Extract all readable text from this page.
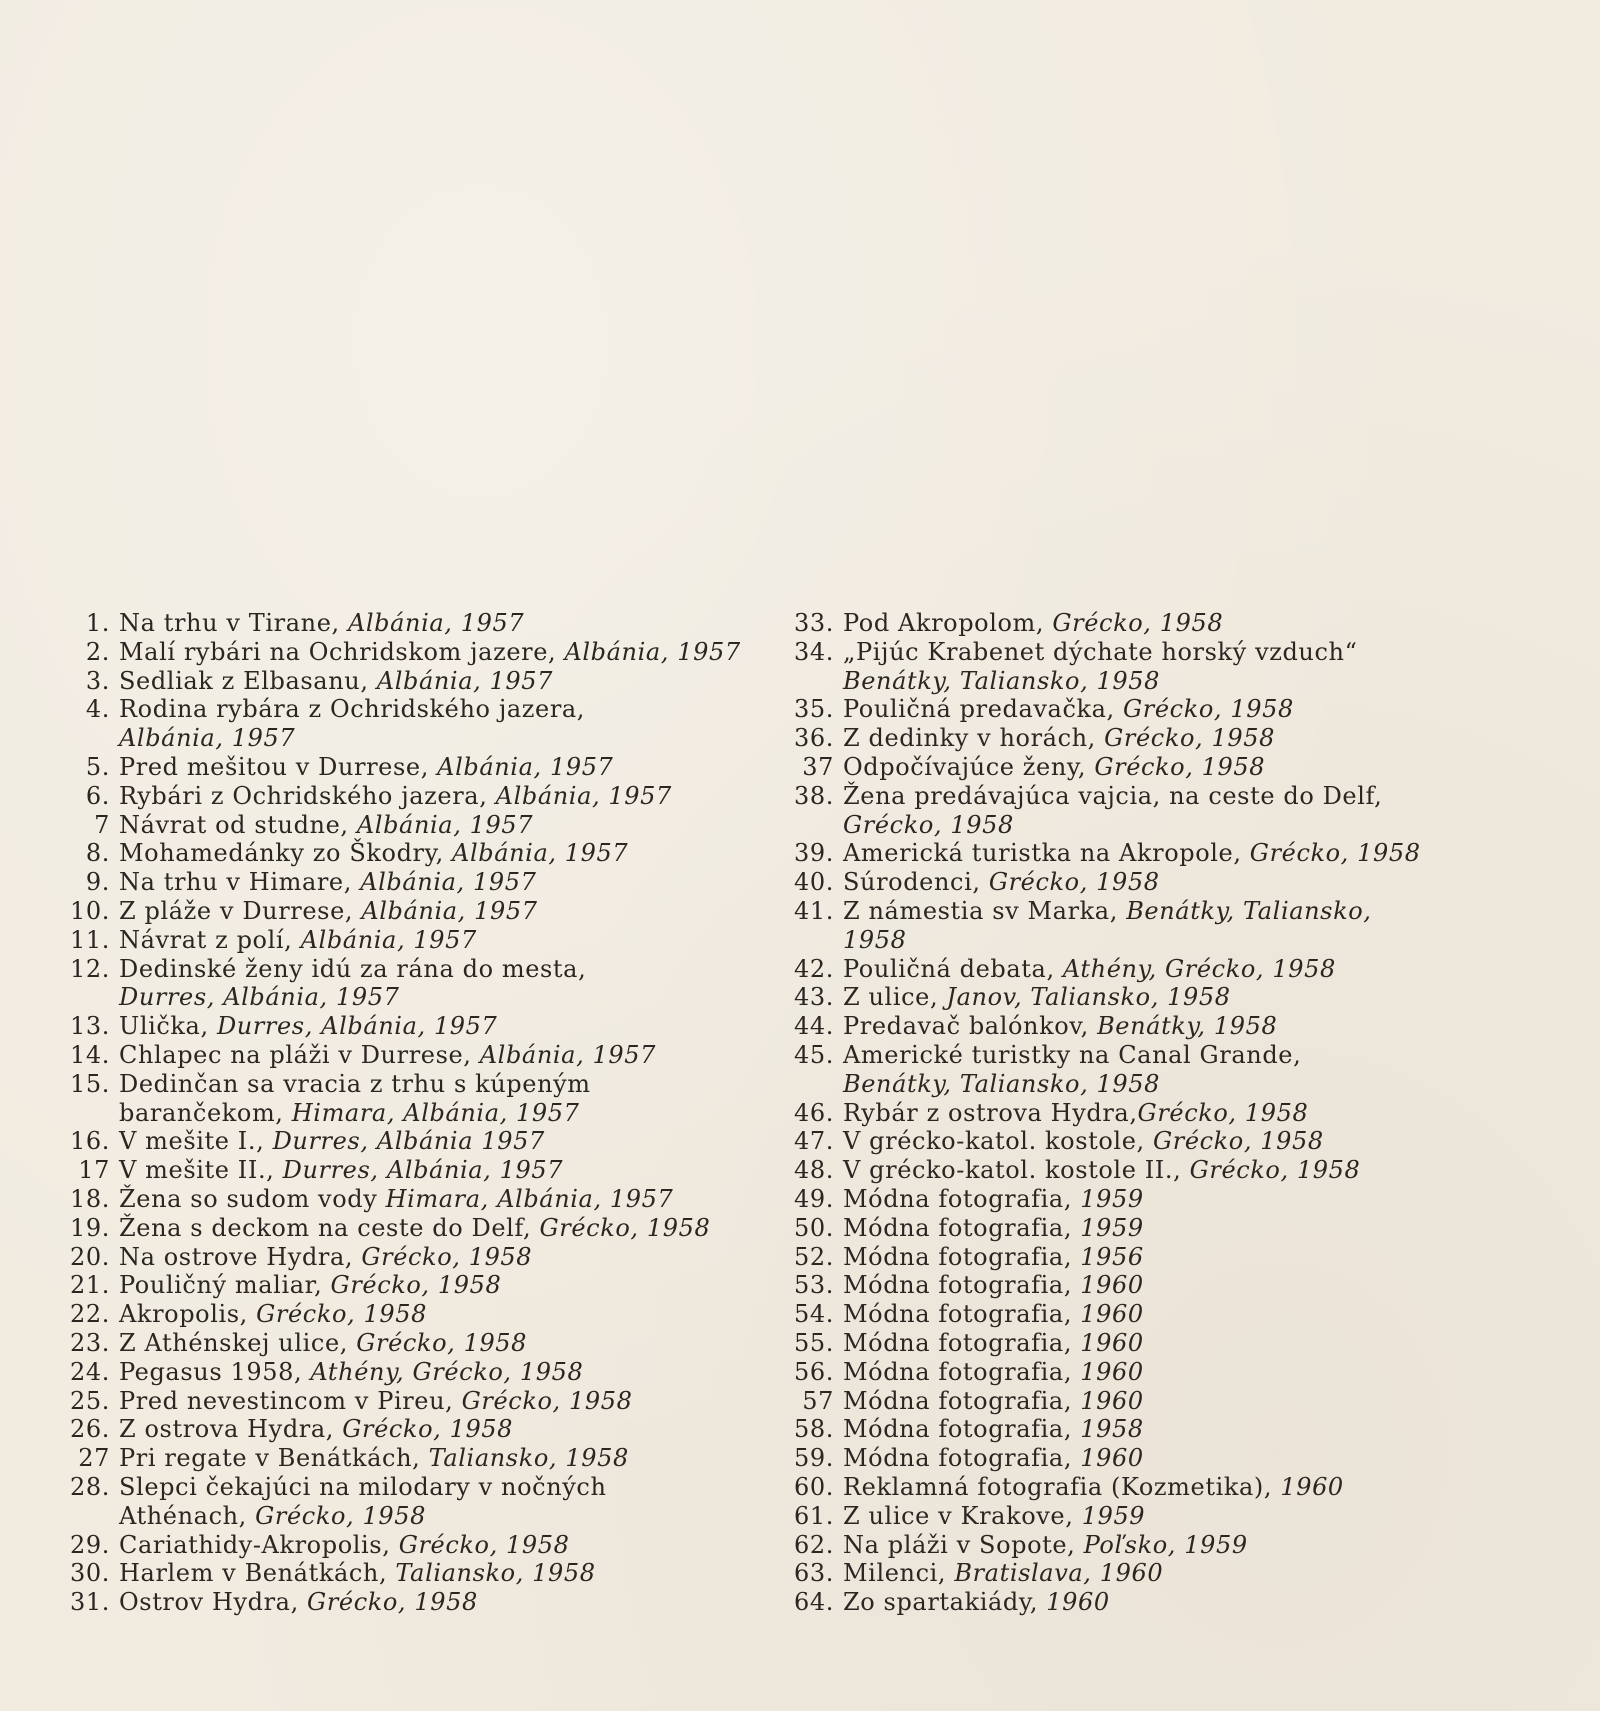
1. Na trhu v Tirane, Albánia, 1957
2. Malí rybári na Ochridskom jazere, Albánia, 1957
3. Sedliak z Elbasanu, Albánia, 1957
4. Rodina rybára z Ochridského jazera,
Albánia, 1957
5. Pred mešitou v Durrese, Albánia, 1957
6. Rybári z Ochridského jazera, Albánia, 1957
7 Návrat od studne, Albánia, 1957
8. Mohamedánky zo Škodry, Albánia, 1957
9. Na trhu v Himare, Albánia, 1957
10. Z pláže v Durrese, Albánia, 1957
11. Návrat z polí, Albánia, 1957
12. Dedinské ženy idú za rána do mesta,
Durres, Albánia, 1957
13. Ulička, Durres, Albánia, 1957
14. Chlapec na pláži v Durrese, Albánia, 1957
15. Dedinčan sa vracia z trhu s kúpeným
barančekom, Himara, Albánia, 1957
16. V mešite I., Durres, Albánia 1957
17 V mešite II., Durres, Albánia, 1957
18. Žena so sudom vody Himara, Albánia, 1957
19. Žena s deckom na ceste do Delf, Grécko, 1958
20. Na ostrove Hydra, Grécko, 1958
21. Pouličný maliar, Grécko, 1958
22. Akropolis, Grécko, 1958
23. Z Athénskej ulice, Grécko, 1958
24. Pegasus 1958, Athény, Grécko, 1958
25. Pred nevestincom v Pireu, Grécko, 1958
26. Z ostrova Hydra, Grécko, 1958
27 Pri regate v Benátkách, Taliansko, 1958
28. Slepci čekajúci na milodary v nočných
Athénach, Grécko, 1958
29. Cariathidy-Akropolis, Grécko, 1958
30. Harlem v Benátkách, Taliansko, 1958
31. Ostrov Hydra, Grécko, 1958
33. Pod Akropolom, Grécko, 1958
34. „Pijúc Krabenet dýchate horský vzduch“
Benátky, Taliansko, 1958
35. Pouličná predavačka, Grécko, 1958
36. Z dedinky v horách, Grécko, 1958
37 Odpočívajúce ženy, Grécko, 1958
38. Žena predávajúca vajcia, na ceste do Delf,
Grécko, 1958
39. Americká turistka na Akropole, Grécko, 1958
40. Súrodenci, Grécko, 1958
41. Z námestia sv Marka, Benátky, Taliansko,
1958
42. Pouličná debata, Athény, Grécko, 1958
43. Z ulice, Janov, Taliansko, 1958
44. Predavač balónkov, Benátky, 1958
45. Americké turistky na Canal Grande,
Benátky, Taliansko, 1958
46. Rybár z ostrova Hydra,Grécko, 1958
47. V grécko-katol. kostole, Grécko, 1958
48. V grécko-katol. kostole II., Grécko, 1958
49. Módna fotografia, 1959
50. Módna fotografia, 1959
52. Módna fotografia, 1956
53. Módna fotografia, 1960
54. Módna fotografia, 1960
55. Módna fotografia, 1960
56. Módna fotografia, 1960
57 Módna fotografia, 1960
58. Módna fotografia, 1958
59. Módna fotografia, 1960
60. Reklamná fotografia (Kozmetika), 1960
61. Z ulice v Krakove, 1959
62. Na pláži v Sopote, Poľsko, 1959
63. Milenci, Bratislava, 1960
64. Zo spartakiády, 1960
